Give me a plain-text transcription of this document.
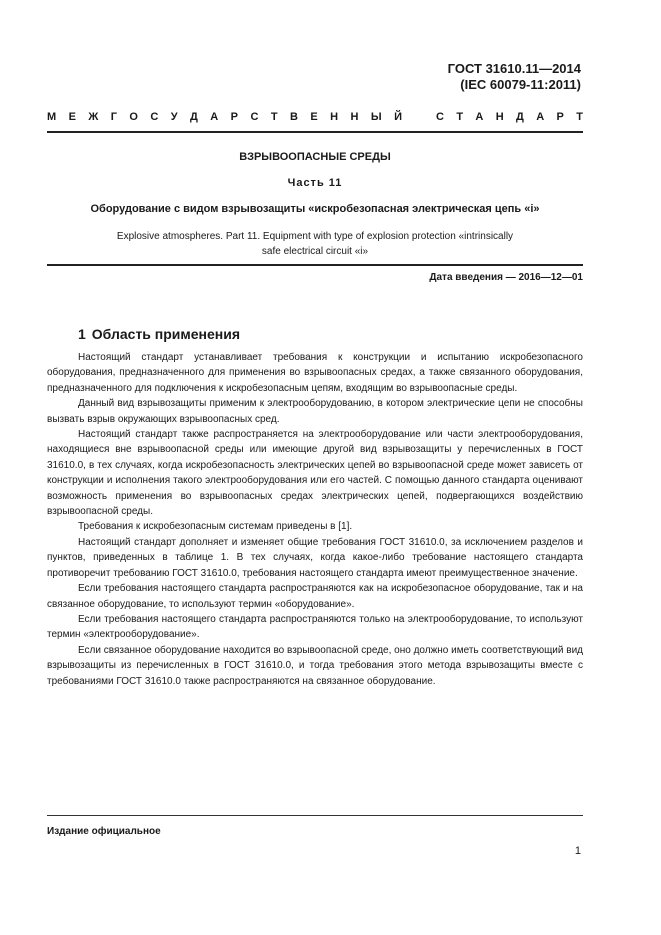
ГОСТ 31610.11—2014
(IEC 60079-11:2011)
М Е Ж Г О С У Д А Р С Т В Е Н Н Ы Й	С Т А Н Д А Р Т
ВЗРЫВООПАСНЫЕ СРЕДЫ
Часть 11
Оборудование с видом взрывозащиты «искробезопасная электрическая цепь «i»
Explosive atmospheres. Part 11. Equipment with type of explosion protection «intrinsically safe electrical circuit «i»
Дата введения — 2016—12—01
1 Область применения

Настоящий стандарт устанавливает требования к конструкции и испытанию искробезопасного оборудования, предназначенного для применения во взрывоопасных средах, а также связанного оборудования, предназначенного для подключения к искробезопасным цепям, входящим во взрывоопасные среды.

Данный вид взрывозащиты применим к электрооборудованию, в котором электрические цепи не способны вызвать взрыв окружающих взрывоопасных сред.

Настоящий стандарт также распространяется на электрооборудование или части электрооборудования, находящиеся вне взрывоопасной среды или имеющие другой вид взрывозащиты у перечисленных в ГОСТ 31610.0, в тех случаях, когда искробезопасность электрических цепей во взрывоопасной среде может зависеть от конструкции и исполнения такого электрооборудования или его частей. С помощью данного стандарта оценивают возможность применения во взрывоопасных средах электрических цепей, подвергающихся воздействию взрывоопасной среды.

Требования к искробезопасным системам приведены в [1].

Настоящий стандарт дополняет и изменяет общие требования ГОСТ 31610.0, за исключением разделов и пунктов, приведенных в таблице 1. В тех случаях, когда какое-либо требование настоящего стандарта противоречит требованию ГОСТ 31610.0, требования настоящего стандарта имеют преимущественное значение.

Если требования настоящего стандарта распространяются как на искробезопасное оборудование, так и на связанное оборудование, то используют термин «оборудование».

Если требования настоящего стандарта распространяются только на электрооборудование, то используют термин «электрооборудование».

Если связанное оборудование находится во взрывоопасной среде, оно должно иметь соответствующий вид взрывозащиты из перечисленных в ГОСТ 31610.0, и тогда требования этого метода взрывозащиты вместе с требованиями ГОСТ 31610.0 также распространяются на связанное оборудование.

Издание официальное
1
